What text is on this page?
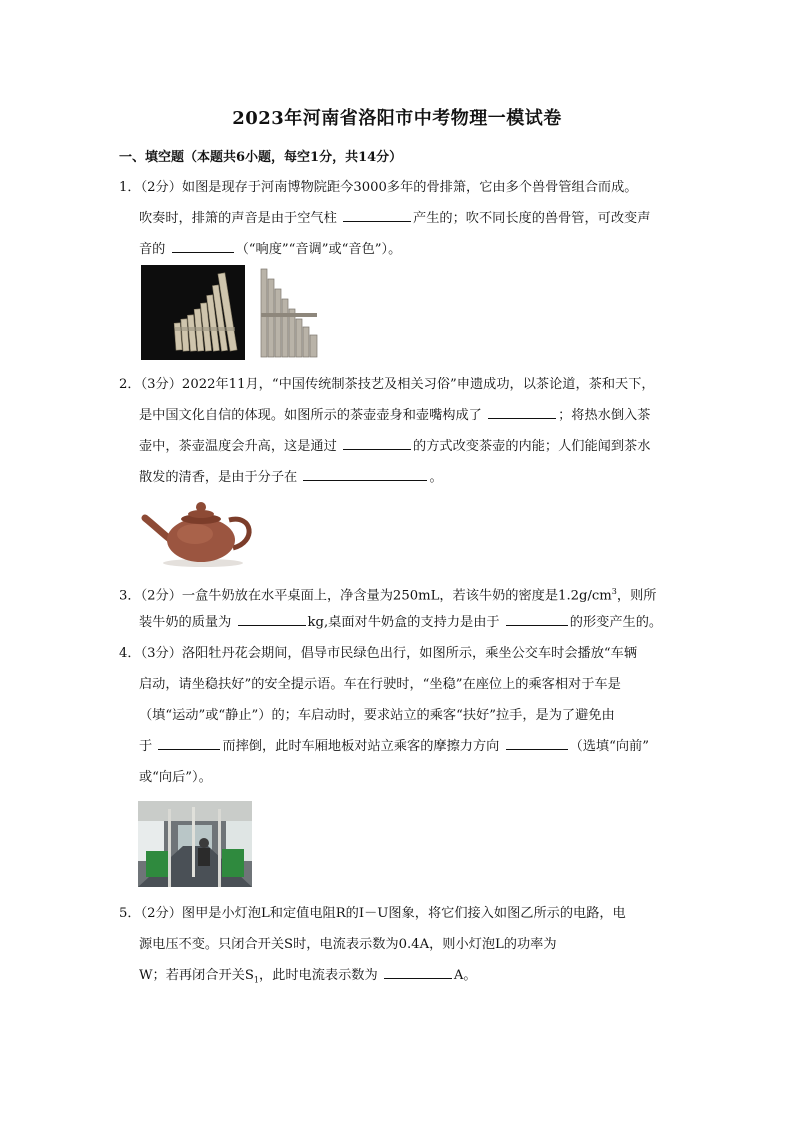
2023年河南省洛阳市中考物理一模试卷
一、填空题（本题共6小题，每空1分，共14分）
1．（2分）如图是现存于河南博物院距今3000多年的骨排箫，它由多个兽骨管组合而成。
吹奏时，排箫的声音是由于空气柱	产生的；吹不同长度的兽骨管，可改变声
音的	（“响度”“音调”或“音色”）。
2．（3分）2022年11月，“中国传统制茶技艺及相关习俗”申遗成功，以茶论道，茶和天下，
是中国文化自信的体现。如图所示的茶壶壶身和壶嘴构成了	；将热水倒入茶
壶中，茶壶温度会升高，这是通过	的方式改变茶壶的内能；人们能闻到茶水
散发的清香，是由于分子在	。
3．（2分）一盒牛奶放在水平桌面上，净含量为250mL，若该牛奶的密度是$1.2g/cm^3$，则所
装牛奶的质量为	kg,桌面对牛奶盒的支持力是由于	的形变产生的。
4．（3分）洛阳牡丹花会期间，倡导市民绿色出行，如图所示，乘坐公交车时会播放“车辆
启动，请坐稳扶好”的安全提示语。车在行驶时，“坐稳”在座位上的乘客相对于车是
（填“运动”或“静止”）的；车启动时，要求站立的乘客“扶好”拉手，是为了避免由
于	而摔倒，此时车厢地板对站立乘客的摩擦力方向	（选填“向前”
或“向后”）。
5．（2分）图甲是小灯泡L和定值电阻R的I－U图象，将它们接入如图乙所示的电路，电
源电压不变。只闭合开关S时，电流表示数为0.4A，则小灯泡L的功率为
W；若再闭合开关$S_1$，此时电流表示数为	A。
